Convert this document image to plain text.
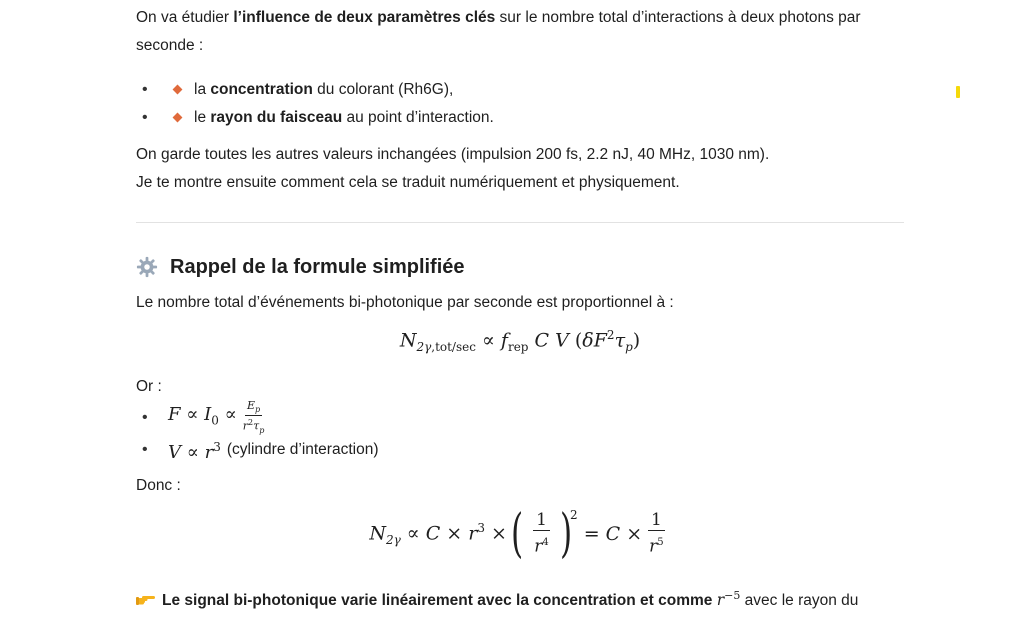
On va étudier l’influence de deux paramètres clés sur le nombre total d’interactions à deux photons par seconde :

• la concentration du colorant (Rh6G),
• le rayon du faisceau au point d’interaction.

On garde toutes les autres valeurs inchangées (impulsion 200 fs, 2.2 nJ, 40 MHz, 1030 nm).
Je te montre ensuite comment cela se traduit numériquement et physiquement.

Rappel de la formule simplifiée

Le nombre total d’événements bi-photonique par seconde est proportionnel à :

$N_{2\gamma,tot/sec} \propto f_{rep}$ C V $(\delta F^2\tau_p)$

Or :

• $F \propto I_0 \propto \frac{E_p}{r^2\tau_p}$
• $V \propto r^3$ (cylindre d’interaction)

Donc :

$N_{2\gamma} \propto C \times r^3$ × ( $\frac{1}{r^4}$ )
2
= $C \times \frac{1}{r^5}$

Le signal bi-photonique varie linéairement avec la concentration et comme $r^{-5}$ avec le rayon du
